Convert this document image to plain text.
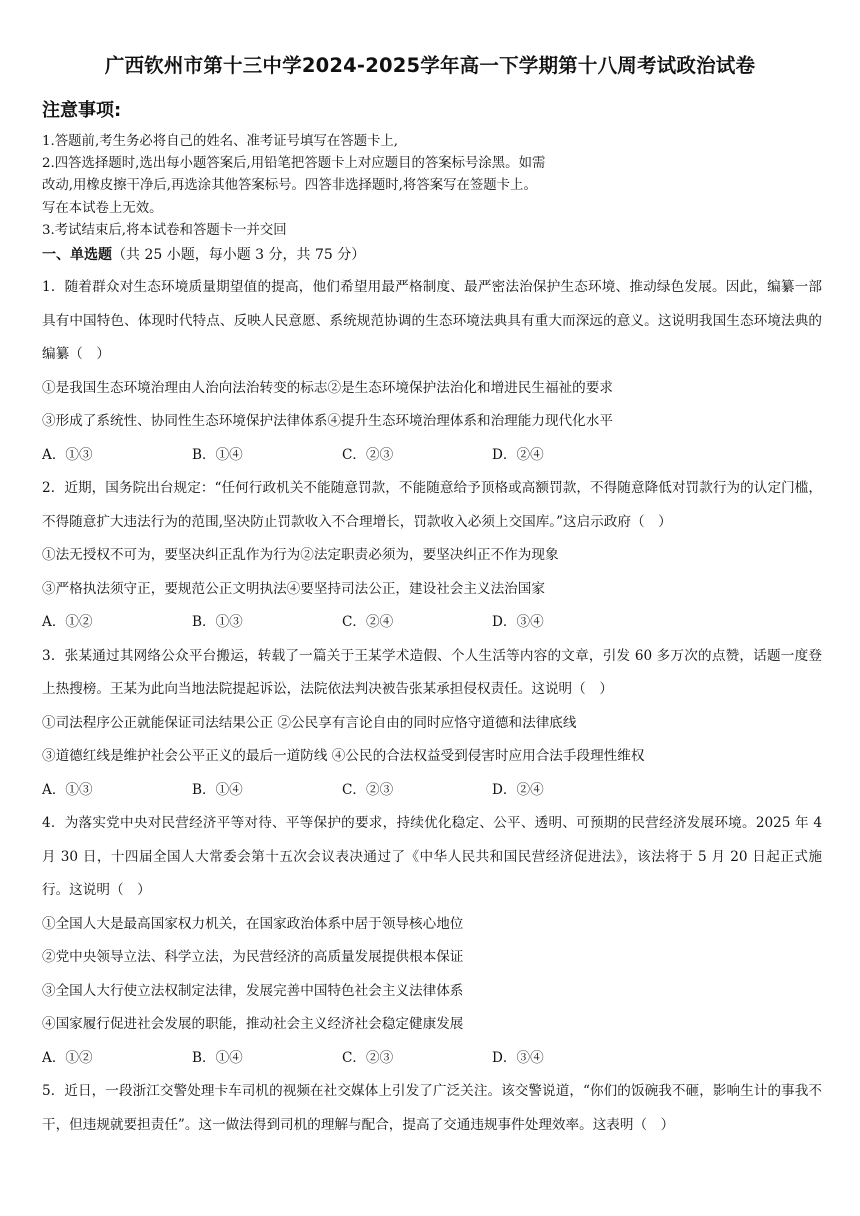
广西钦州市第十三中学2024-2025学年高一下学期第十八周考试政治试卷
注意事项:
1.答题前,考生务必将自己的姓名、准考证号填写在答题卡上,
2.四答选择题时,选出每小题答案后,用铅笔把答题卡上对应题目的答案标号涂黑。如需
改动,用橡皮擦干净后,再选涂其他答案标号。四答非选择题时,将答案写在签题卡上。
写在本试卷上无效。
3.考试结束后,将本试卷和答题卡一并交回
一、单选题（共 25 小题，每小题 3 分，共 75 分）
1．随着群众对生态环境质量期望值的提高，他们希望用最严格制度、最严密法治保护生态环境、推动绿色发展。因此，编纂一部具有中国特色、体现时代特点、反映人民意愿、系统规范协调的生态环境法典具有重大而深远的意义。这说明我国生态环境法典的编纂（　）
①是我国生态环境治理由人治向法治转变的标志②是生态环境保护法治化和增进民生福祉的要求
③形成了系统性、协同性生态环境保护法律体系④提升生态环境治理体系和治理能力现代化水平
A．①③	B．①④	C．②③	D．②④
2．近期，国务院出台规定：“任何行政机关不能随意罚款，不能随意给予顶格或高额罚款，不得随意降低对罚款行为的认定门槛，不得随意扩大违法行为的范围,坚决防止罚款收入不合理增长，罚款收入必须上交国库。”这启示政府（　）
①法无授权不可为，要坚决纠正乱作为行为②法定职责必须为，要坚决纠正不作为现象
③严格执法须守正，要规范公正文明执法④要坚持司法公正，建设社会主义法治国家
A．①②	B．①③	C．②④	D．③④
3．张某通过其网络公众平台搬运，转载了一篇关于王某学术造假、个人生活等内容的文章，引发 60 多万次的点赞，话题一度登上热搜榜。王某为此向当地法院提起诉讼，法院依法判决被告张某承担侵权责任。这说明（　）
①司法程序公正就能保证司法结果公正 ②公民享有言论自由的同时应恪守道德和法律底线
③道德红线是维护社会公平正义的最后一道防线 ④公民的合法权益受到侵害时应用合法手段理性维权
A．①③	B．①④	C．②③	D．②④
4．为落实党中央对民营经济平等对待、平等保护的要求，持续优化稳定、公平、透明、可预期的民营经济发展环境。2025 年 4 月 30 日，十四届全国人大常委会第十五次会议表决通过了《中华人民共和国民营经济促进法》，该法将于 5 月 20 日起正式施行。这说明（　）
①全国人大是最高国家权力机关，在国家政治体系中居于领导核心地位
②党中央领导立法、科学立法，为民营经济的高质量发展提供根本保证
③全国人大行使立法权制定法律，发展完善中国特色社会主义法律体系
④国家履行促进社会发展的职能，推动社会主义经济社会稳定健康发展
A．①②	B．①④	C．②③	D．③④
5．近日，一段浙江交警处理卡车司机的视频在社交媒体上引发了广泛关注。该交警说道，“你们的饭碗我不砸，影响生计的事我不干，但违规就要担责任”。这一做法得到司机的理解与配合，提高了交通违规事件处理效率。这表明（　）
